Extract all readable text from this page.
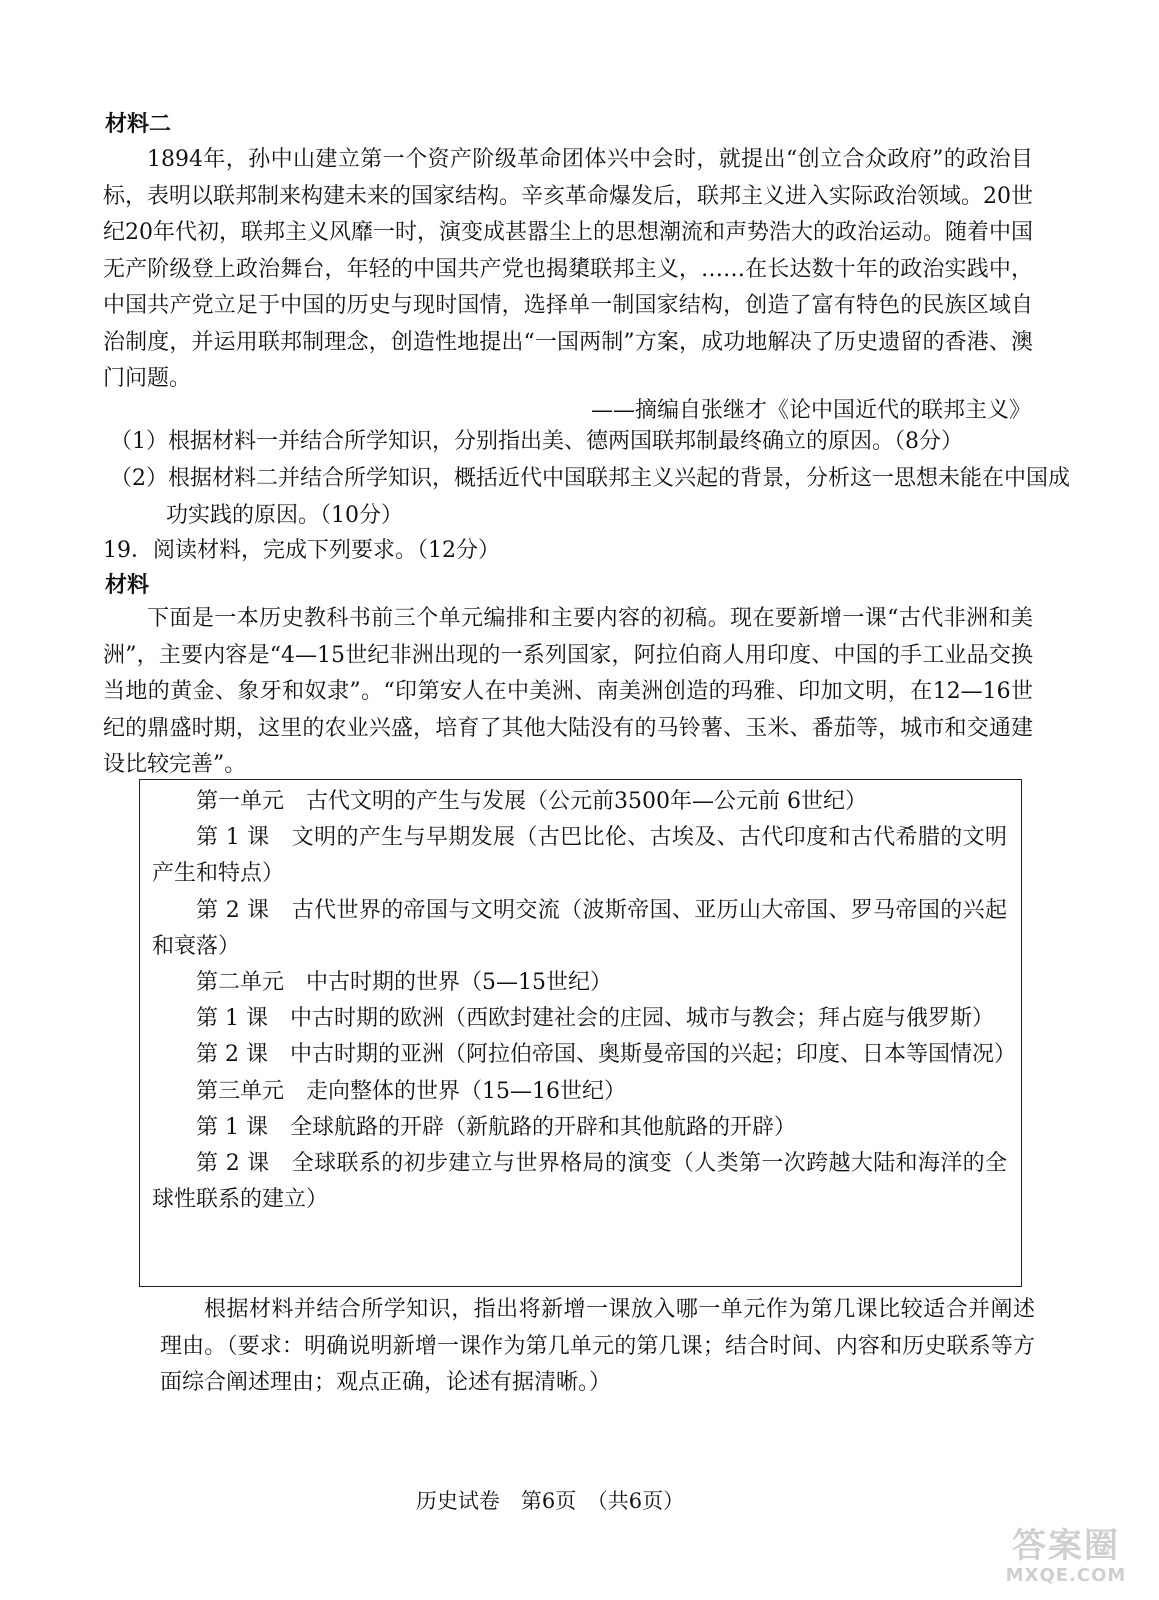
材料二

1894年，孙中山建立第一个资产阶级革命团体兴中会时，就提出“创立合众政府”的政治目标，表明以联邦制来构建未来的国家结构。辛亥革命爆发后，联邦主义进入实际政治领域。20世纪20年代初，联邦主义风靡一时，演变成甚嚣尘上的思想潮流和声势浩大的政治运动。随着中国无产阶级登上政治舞台，年轻的中国共产党也揭橥联邦主义，……在长达数十年的政治实践中，中国共产党立足于中国的历史与现时国情，选择单一制国家结构，创造了富有特色的民族区域自治制度，并运用联邦制理念，创造性地提出“一国两制”方案，成功地解决了历史遗留的香港、澳门问题。

——摘编自张继才《论中国近代的联邦主义》

（1）根据材料一并结合所学知识，分别指出美、德两国联邦制最终确立的原因。（8分）

（2）根据材料二并结合所学知识，概括近代中国联邦主义兴起的背景，分析这一思想未能在中国成功实践的原因。（10分）

19．阅读材料，完成下列要求。（12分）
材料

下面是一本历史教科书前三个单元编排和主要内容的初稿。现在要新增一课“古代非洲和美洲”，主要内容是“4—15世纪非洲出现的一系列国家，阿拉伯商人用印度、中国的手工业品交换当地的黄金、象牙和奴隶”。“印第安人在中美洲、南美洲创造的玛雅、印加文明，在12—16世纪的鼎盛时期，这里的农业兴盛，培育了其他大陆没有的马铃薯、玉米、番茄等，城市和交通建设比较完善”。

第一单元　古代文明的产生与发展（公元前3500年—公元前 6世纪）

第 1 课　文明的产生与早期发展（古巴比伦、古埃及、古代印度和古代希腊的文明产生和特点）

第 2 课　古代世界的帝国与文明交流（波斯帝国、亚历山大帝国、罗马帝国的兴起和衰落）

第二单元　中古时期的世界（5—15世纪）

第 1 课　中古时期的欧洲（西欧封建社会的庄园、城市与教会；拜占庭与俄罗斯）

第 2 课　中古时期的亚洲（阿拉伯帝国、奥斯曼帝国的兴起；印度、日本等国情况）

第三单元　走向整体的世界（15—16世纪）

第 1 课　全球航路的开辟（新航路的开辟和其他航路的开辟）

第 2 课　全球联系的初步建立与世界格局的演变（人类第一次跨越大陆和海洋的全球性联系的建立）

根据材料并结合所学知识，指出将新增一课放入哪一单元作为第几课比较适合并阐述理由。（要求：明确说明新增一课作为第几单元的第几课；结合时间、内容和历史联系等方面综合阐述理由；观点正确，论述有据清晰。）

历史试卷　第6页　（共6页）
答案圈
MXQE.COM
